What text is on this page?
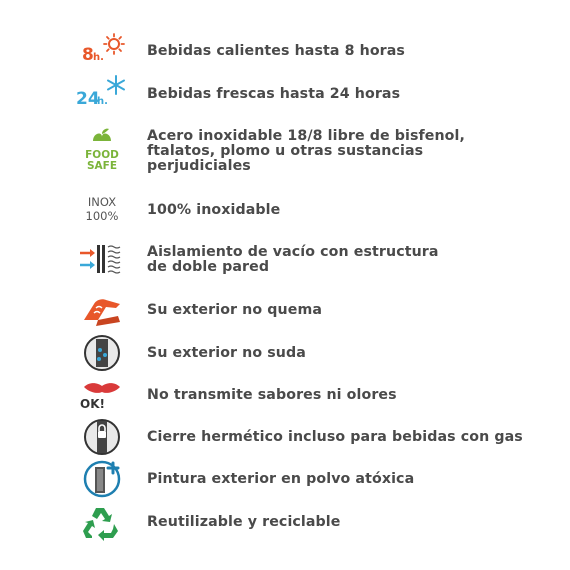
8 h.	Bebidas calientes hasta 8 horas
24
h.	Bebidas frescas hasta 24 horas
FOOD
SAFE
Acero inoxidable 18/8 libre de bisfenol,
ftalatos, plomo u otras sustancias
perjudiciales
INOX
100% 100% inoxidable
Aislamiento de vacío con estructura
de doble pared
Su exterior no quema
Su exterior no suda
OK!
No transmite sabores ni olores
Cierre hermético incluso para bebidas con gas
Pintura exterior en polvo atóxica
Reutilizable y reciclable
